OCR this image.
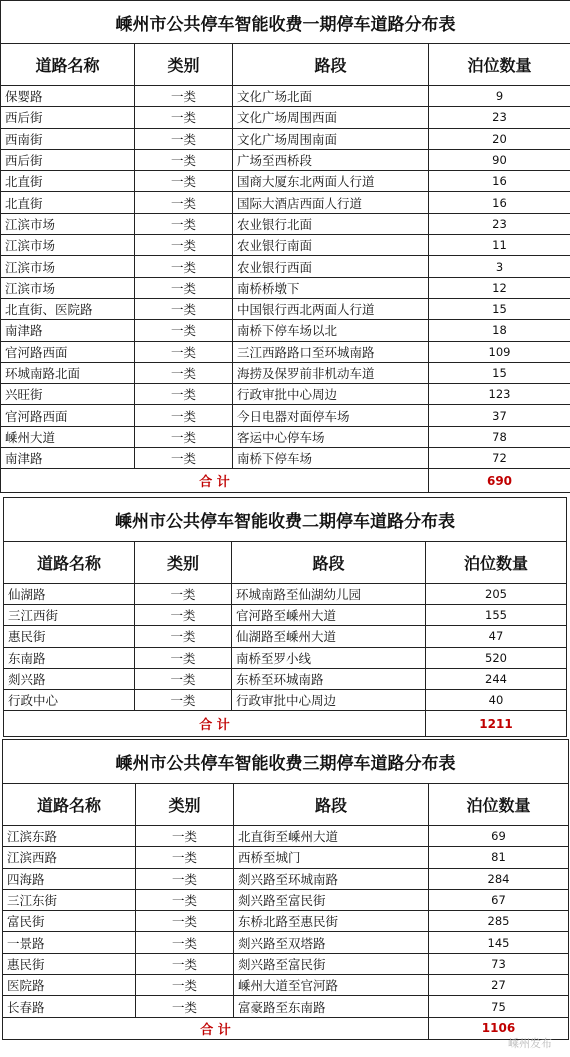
嵊州市公共停车智能收费一期停车道路分布表			
道路名称	类别	路段	泊位数量
保婴路	一类	文化广场北面	9
西后街	一类	文化广场周围西面	23
西南街	一类	文化广场周围南面	20
西后街	一类	广场至西桥段	90
北直街	一类	国商大厦东北两面人行道	16
北直街	一类	国际大酒店西面人行道	16
江滨市场	一类	农业银行北面	23
江滨市场	一类	农业银行南面	11
江滨市场	一类	农业银行西面	3
江滨市场	一类	南桥桥墩下	12
北直街、医院路	一类	中国银行西北两面人行道	15
南津路	一类	南桥下停车场以北	18
官河路西面	一类	三江西路路口至环城南路	109
环城南路北面	一类	海捞及保罗前非机动车道	15
兴旺街	一类	行政审批中心周边	123
官河路西面	一类	今日电器对面停车场	37
嵊州大道	一类	客运中心停车场	78
南津路	一类	南桥下停车场	72
合 计			690
嵊州市公共停车智能收费二期停车道路分布表			
道路名称	类别	路段	泊位数量
仙湖路	一类	环城南路至仙湖幼儿园	205
三江西街	一类	官河路至嵊州大道	155
惠民街	一类	仙湖路至嵊州大道	47
东南路	一类	南桥至罗小线	520
剡兴路	一类	东桥至环城南路	244
行政中心	一类	行政审批中心周边	40
合 计			1211
嵊州市公共停车智能收费三期停车道路分布表			
道路名称	类别	路段	泊位数量
江滨东路	一类	北直街至嵊州大道	69
江滨西路	一类	西桥至城门	81
四海路	一类	剡兴路至环城南路	284
三江东街	一类	剡兴路至富民街	67
富民街	一类	东桥北路至惠民街	285
一景路	一类	剡兴路至双塔路	145
惠民街	一类	剡兴路至富民街	73
医院路	一类	嵊州大道至官河路	27
长春路	一类	富豪路至东南路	75
合 计			1106
嵊州发布
